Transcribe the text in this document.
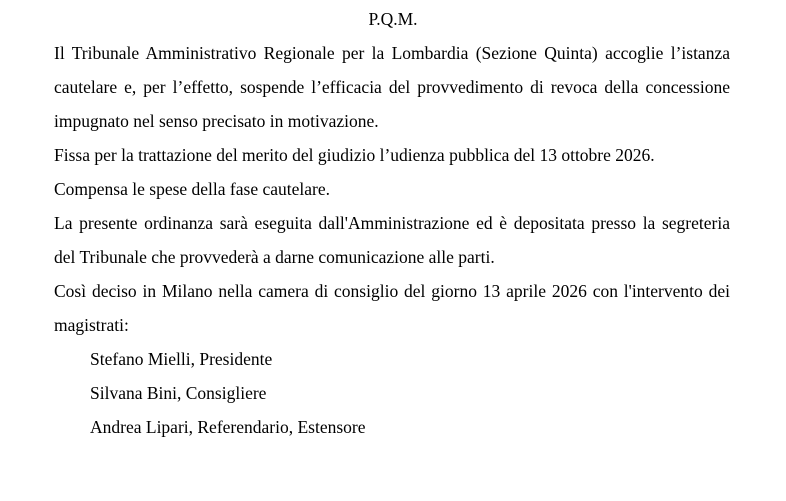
P.Q.M.

Il Tribunale Amministrativo Regionale per la Lombardia (Sezione Quinta) accoglie l’istanza cautelare e, per l’effetto, sospende l’efficacia del provvedimento di revoca della concessione impugnato nel senso precisato in motivazione.

Fissa per la trattazione del merito del giudizio l’udienza pubblica del 13 ottobre 2026.

Compensa le spese della fase cautelare.

La presente ordinanza sarà eseguita dall'Amministrazione ed è depositata presso la segreteria del Tribunale che provvederà a darne comunicazione alle parti.

Così deciso in Milano nella camera di consiglio del giorno 13 aprile 2026 con l'intervento dei magistrati:

Stefano Mielli, Presidente
Silvana Bini, Consigliere
Andrea Lipari, Referendario, Estensore
